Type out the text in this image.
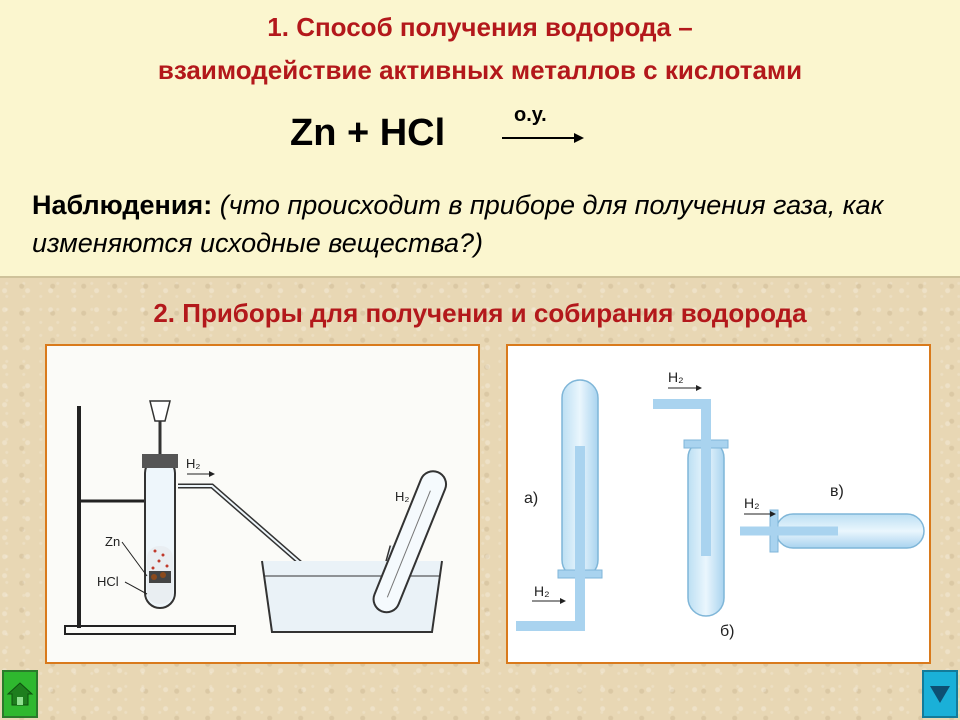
1. Способ получения водорода –
взаимодействие активных металлов с кислотами
Zn + HCl	о.у.
Наблюдения: (что происходит в приборе для получения газа, как изменяются исходные вещества?)
2. Приборы для получения и собирания водорода
H₂
H₂
Zn
HCl
а)
H₂
H₂
б)
H₂
в)
